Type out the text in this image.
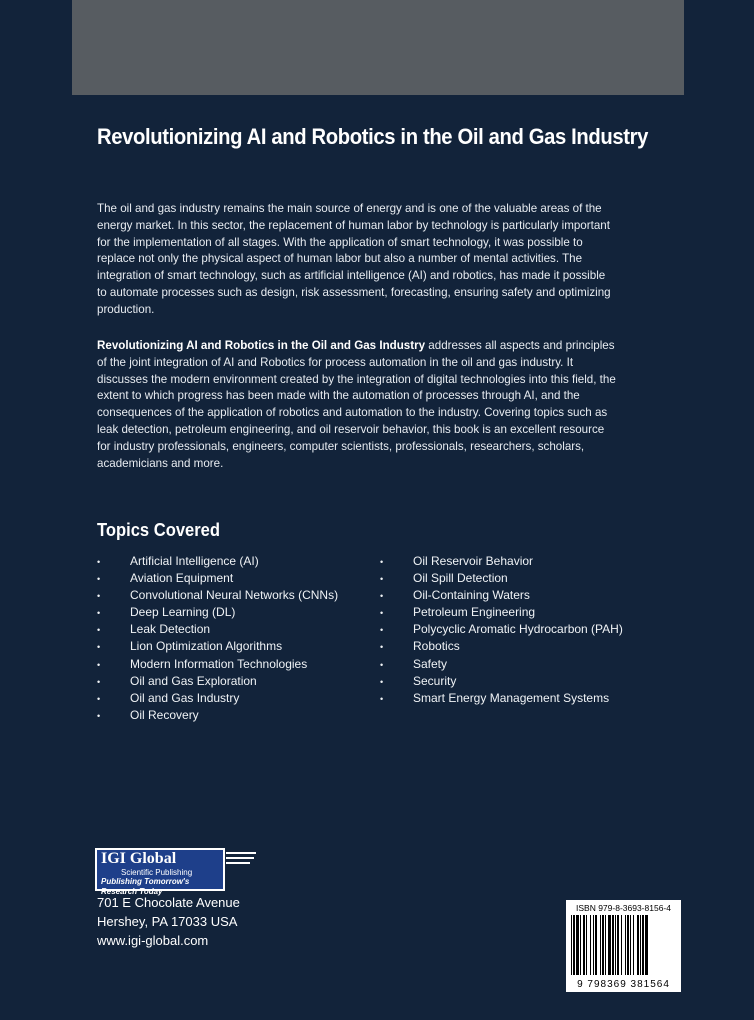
Revolutionizing AI and Robotics in the Oil and Gas Industry
The oil and gas industry remains the main source of energy and is one of the valuable areas of the energy market. In this sector, the replacement of human labor by technology is particularly important for the implementation of all stages. With the application of smart technology, it was possible to replace not only the physical aspect of human labor but also a number of mental activities. The integration of smart technology, such as artificial intelligence (AI) and robotics, has made it possible to automate processes such as design, risk assessment, forecasting, ensuring safety and optimizing production.
Revolutionizing AI and Robotics in the Oil and Gas Industry addresses all aspects and principles of the joint integration of AI and Robotics for process automation in the oil and gas industry. It discusses the modern environment created by the integration of digital technologies into this field, the extent to which progress has been made with the automation of processes through AI, and the consequences of the application of robotics and automation to the industry. Covering topics such as leak detection, petroleum engineering, and oil reservoir behavior, this book is an excellent resource for industry professionals, engineers, computer scientists, professionals, researchers, scholars, academicians and more.
Topics Covered
• Artificial Intelligence (AI)
• Aviation Equipment
• Convolutional Neural Networks (CNNs)
• Deep Learning (DL)
• Leak Detection
• Lion Optimization Algorithms
• Modern Information Technologies
• Oil and Gas Exploration
• Oil and Gas Industry
• Oil Recovery
• Oil Reservoir Behavior
• Oil Spill Detection
• Oil-Containing Waters
• Petroleum Engineering
• Polycyclic Aromatic Hydrocarbon (PAH)
• Robotics
• Safety
• Security
• Smart Energy Management Systems
IGI Global
Scientific Publishing
Publishing Tomorrow's Research Today
701 E Chocolate Avenue
Hershey, PA 17033 USA
www.igi-global.com
ISBN 979-8-3693-8156-4
9 798369 381564
